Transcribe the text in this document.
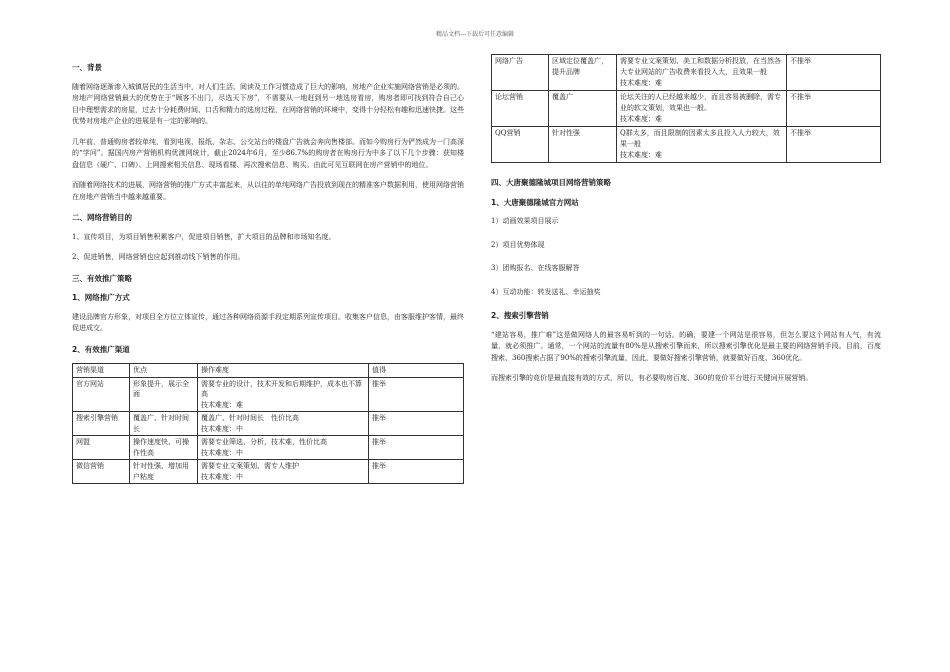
精品文档---下载后可任意编辑
一、背景

随着网络逐渐渗入城镇居民的生活当中，对人们生活、阅读及工作习惯造成了巨大的影响，房地产企业实施网络营销是必须的。房地产网络营销最大的优势在于“顾客不出门，尽选天下房”，不需要从一地赶到另一地选房看房，购房者即可找到符合自己心目中理想需求的房屋，过去十分耗费时间、口舌和精力的选房过程，在网络营销的环境中，变得十分轻松有趣和迅速快捷。这些优势对房地产企业的进展是有一定的影响的。

几年前，普通购房者较单纯，看到电视、报纸、杂志、公交站台的楼盘广告就会奔向售楼部。而如今购房行为俨然成为一门高深的“学问”。据国内房产营销机构优渡网统计，截止2024年6月，至少86.7%的购房者在购房行为中多了以下几个步骤：获知楼盘信息（硬广、口碑）、上网搜索相关信息、现场看楼、再次搜索信息、购买。由此可见互联网在房产营销中的地位。

而随着网络技术的进展，网络营销的推广方式丰富起来，从以往的单纯网络广告投放到现在的精准客户数据利用，使用网络营销在房地产营销当中越来越重要。

二、网络营销目的

1、宣传项目，为项目销售积累客户，促进项目销售，扩大项目的品牌和市场知名度。

2、促进销售，网络营销也应起到推动线下销售的作用。

三、有效推广策略
1、网络推广方式

建设品牌官方形象，对项目全方位立体宣传，通过各种网络资源手段定期系列宣传项目。收集客户信息，由客服维护客情，最终促进成交。

2、有效推广渠道
营销渠道	优点	操作难度	值得
官方网站	形象提升，展示全面	需要专业的设计，技术开发和后期维护，成本也不算高
技术难度：难	推举
搜索引擎营销	覆盖广、针对时间长	覆盖广、针对时间长　性价比高
技术难度：中	推举
网盟	操作速度快、可操作性高	需要专业筛选、分析，技术难，性价比高
技术难度：中	推举
微信营销	针对性强、增加用户粘度	需要专业文案策划、需专人维护
技术难度：中	推举
网络广告	区域定位覆盖广，提升品牌	需要专业文案策划、美工和数据分析投放，在当然各大专业网站的广告收费来看投入大，且效果一般
技术难度：难	不推举
论坛营销	覆盖广	论坛关注的人已经越来越少，而且容易被删除，需专业的软文策划，效果也一般。
技术难度：难	不推举
QQ营销	针对性强	Q群太多，而且限制的因素太多且投入人力较大，效果一般
技术难度：难	不推举
四、大唐聚德隆城项目网络营销策略
1、大唐聚德隆城官方网站

1）动画效果项目展示

2）项目优势体现

3）团购报名、在线客服解答

4）互动功能：转发送礼、幸运抽奖

2、搜索引擎营销

“建站容易，推广难”这是做网络人的最容易听到的一句话。的确，要建一个网站是很容易，但怎么要这个网站有人气，有流量，就必须推广。通常，一个网站的流量有80%是从搜索引擎而来，所以搜索引擎优化是最主要的网络营销手段。目前，百度搜索、360搜索占据了90%的搜索引擎流量，因此，要做好搜索引擎营销，就要做好百度、360优化。

而搜索引擎的竞价是最直接有效的方式，所以，有必要购房百度、360的竞价平台进行关键词开展营销。
